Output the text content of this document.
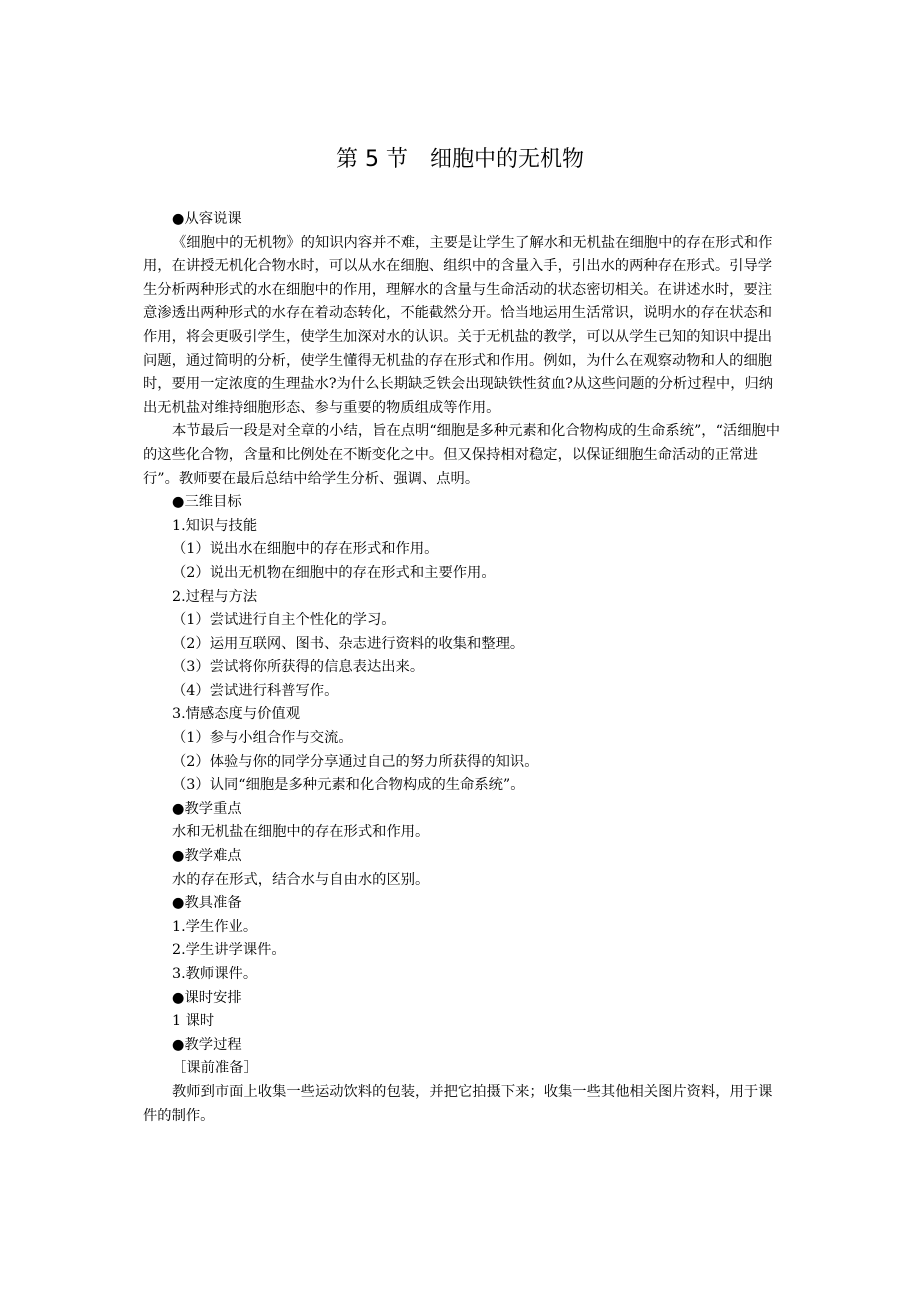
第 5 节　细胞中的无机物

●从容说课

《细胞中的无机物》的知识内容并不难，主要是让学生了解水和无机盐在细胞中的存在形式和作用，在讲授无机化合物水时，可以从水在细胞、组织中的含量入手，引出水的两种存在形式。引导学生分析两种形式的水在细胞中的作用，理解水的含量与生命活动的状态密切相关。在讲述水时，要注意渗透出两种形式的水存在着动态转化，不能截然分开。恰当地运用生活常识，说明水的存在状态和作用，将会更吸引学生，使学生加深对水的认识。关于无机盐的教学，可以从学生已知的知识中提出问题，通过简明的分析，使学生懂得无机盐的存在形式和作用。例如，为什么在观察动物和人的细胞时，要用一定浓度的生理盐水?为什么长期缺乏铁会出现缺铁性贫血?从这些问题的分析过程中，归纳出无机盐对维持细胞形态、参与重要的物质组成等作用。

本节最后一段是对全章的小结，旨在点明“细胞是多种元素和化合物构成的生命系统”，“活细胞中的这些化合物，含量和比例处在不断变化之中。但又保持相对稳定，以保证细胞生命活动的正常进行”。教师要在最后总结中给学生分析、强调、点明。

●三维目标

1.知识与技能

（1）说出水在细胞中的存在形式和作用。

（2）说出无机物在细胞中的存在形式和主要作用。

2.过程与方法

（1）尝试进行自主个性化的学习。

（2）运用互联网、图书、杂志进行资料的收集和整理。

（3）尝试将你所获得的信息表达出来。

（4）尝试进行科普写作。

3.情感态度与价值观

（1）参与小组合作与交流。

（2）体验与你的同学分享通过自己的努力所获得的知识。

（3）认同“细胞是多种元素和化合物构成的生命系统”。

●教学重点

水和无机盐在细胞中的存在形式和作用。

●教学难点

水的存在形式，结合水与自由水的区别。

●教具准备

1.学生作业。

2.学生讲学课件。

3.教师课件。

●课时安排

1 课时

●教学过程

［课前准备］

教师到市面上收集一些运动饮料的包装，并把它拍摄下来；收集一些其他相关图片资料，用于课件的制作。
